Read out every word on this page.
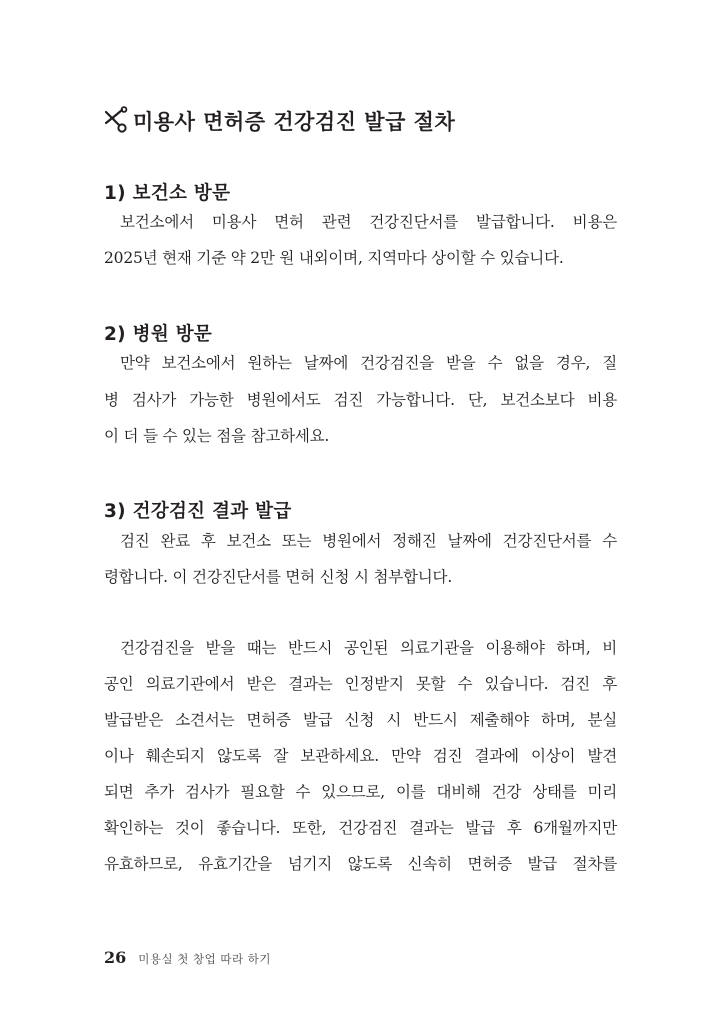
미용사 면허증 건강검진 발급 절차
1) 보건소 방문
보건소에서 미용사 면허 관련 건강진단서를 발급합니다. 비용은
2025년 현재 기준 약 2만 원 내외이며, 지역마다 상이할 수 있습니다.
2) 병원 방문
만약 보건소에서 원하는 날짜에 건강검진을 받을 수 없을 경우, 질
병 검사가 가능한 병원에서도 검진 가능합니다. 단, 보건소보다 비용
이 더 들 수 있는 점을 참고하세요.
3) 건강검진 결과 발급
검진 완료 후 보건소 또는 병원에서 정해진 날짜에 건강진단서를 수
령합니다. 이 건강진단서를 면허 신청 시 첨부합니다.
건강검진을 받을 때는 반드시 공인된 의료기관을 이용해야 하며, 비
공인 의료기관에서 받은 결과는 인정받지 못할 수 있습니다. 검진 후
발급받은 소견서는 면허증 발급 신청 시 반드시 제출해야 하며, 분실
이나 훼손되지 않도록 잘 보관하세요. 만약 검진 결과에 이상이 발견
되면 추가 검사가 필요할 수 있으므로, 이를 대비해 건강 상태를 미리
확인하는 것이 좋습니다. 또한, 건강검진 결과는 발급 후 6개월까지만
유효하므로, 유효기간을 넘기지 않도록 신속히 면허증 발급 절차를
26 미용실 첫 창업 따라 하기
